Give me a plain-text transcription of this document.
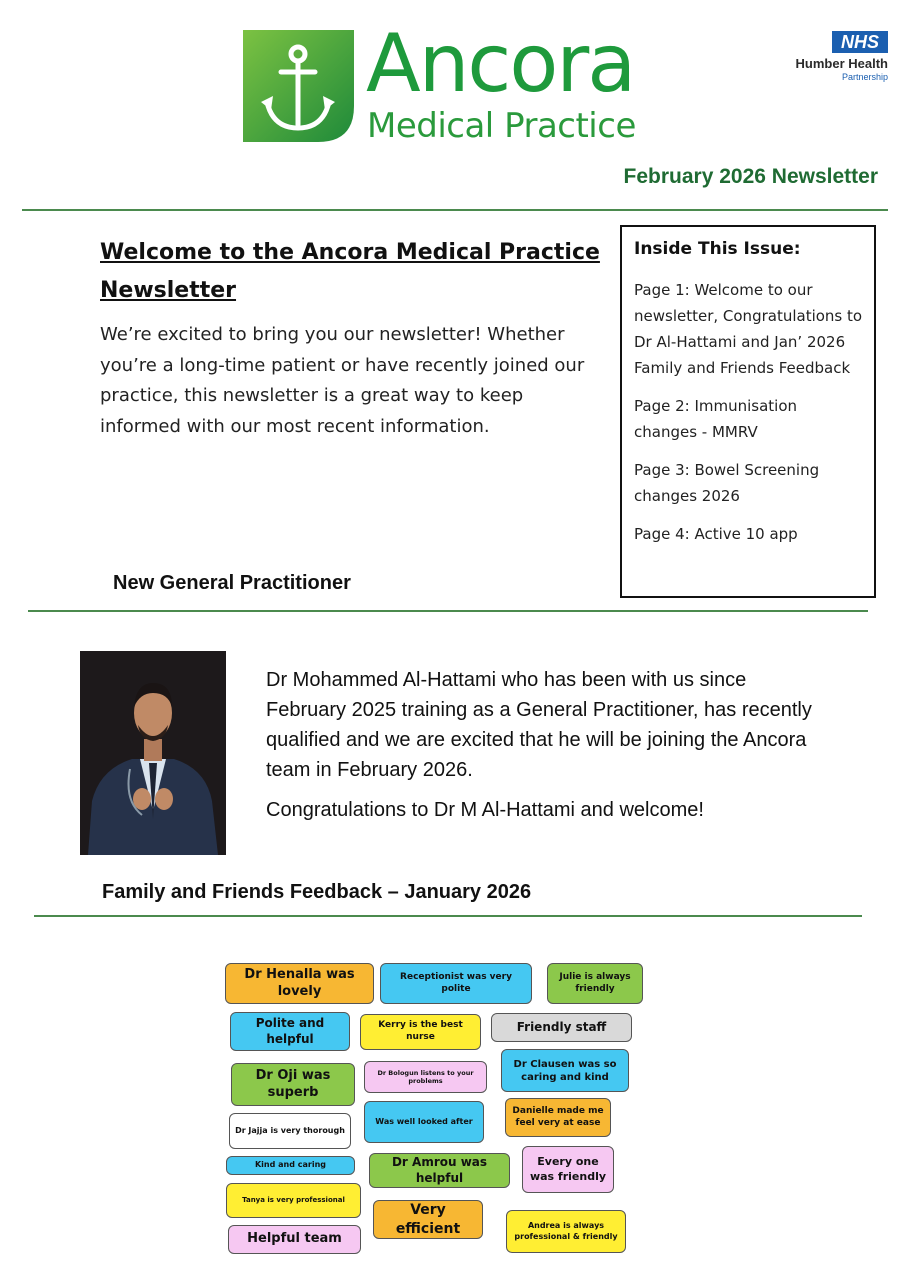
Ancora
Medical Practice
NHS
Humber Health
Partnership
February 2026 Newsletter
Welcome to the Ancora Medical Practice
Newsletter
We’re excited to bring you our newsletter! Whether you’re a long-time patient or have recently joined our practice, this newsletter is a great way to keep informed with our most recent information.
Inside This Issue:
Page 1: Welcome to our newsletter, Congratulations to Dr Al-Hattami and Jan’ 2026 Family and Friends Feedback
Page 2: Immunisation changes - MMRV
Page 3: Bowel Screening changes 2026
Page 4: Active 10 app
New General Practitioner

Dr Mohammed Al-Hattami who has been with us since February 2025 training as a General Practitioner, has recently qualified and we are excited that he will be joining the Ancora team in February 2026.

Congratulations to Dr M Al-Hattami and welcome!

Family and Friends Feedback – January 2026
Dr Henalla was lovely
Receptionist was very polite
Julie is always friendly
Polite and helpful
Kerry is the best nurse
Friendly staff
Dr Oji was superb
Dr Bologun listens to your problems
Dr Clausen was so caring and kind
Dr Jajja is very thorough
Was well looked after
Danielle made me feel very at ease
Kind and caring	Dr Amrou was helpful
Every one was friendly
Tanya is very professional
Very efficient	Andrea is always professional & friendly
Helpful team
